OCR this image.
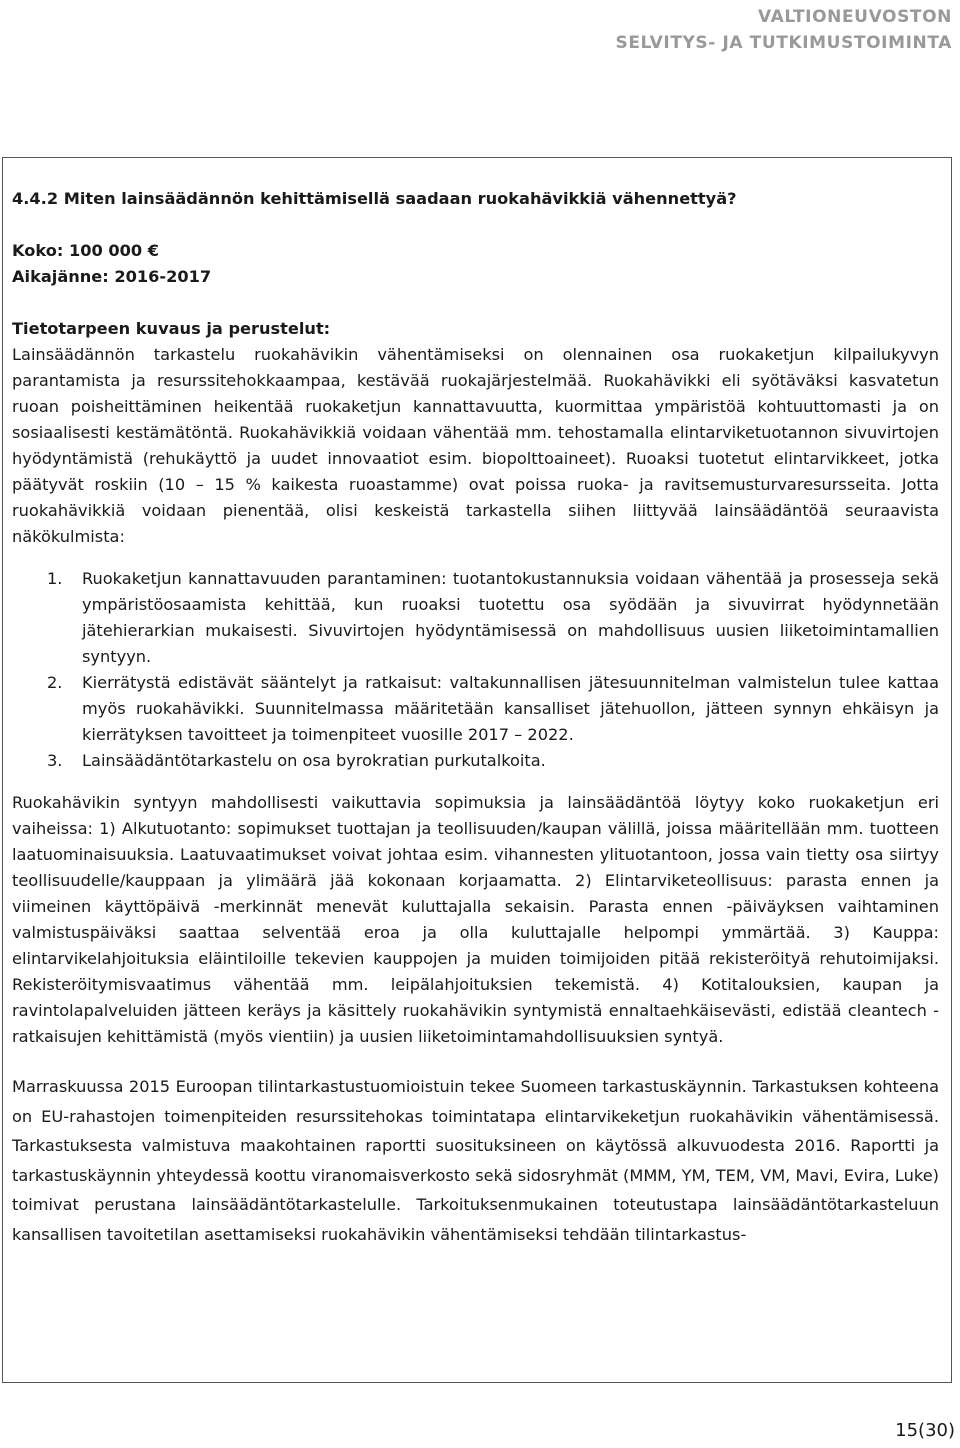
VALTIONEUVOSTON
SELVITYS- JA TUTKIMUSTOIMINTA
4.4.2 Miten lainsäädännön kehittämisellä saadaan ruokahävikkiä vähennettyä?
Koko: 100 000 €
Aikajänne: 2016-2017
Tietotarpeen kuvaus ja perustelut:

Lainsäädännön tarkastelu ruokahävikin vähentämiseksi on olennainen osa ruokaketjun kilpailukyvyn parantamista ja resurssitehokkaampaa, kestävää ruokajärjestelmää. Ruokahävikki eli syötäväksi kasvatetun ruoan poisheittäminen heikentää ruokaketjun kannattavuutta, kuormittaa ympäristöä kohtuuttomasti ja on sosiaalisesti kestämätöntä. Ruokahävikkiä voidaan vähentää mm. tehostamalla elintarviketuotannon sivuvirtojen hyödyntämistä (rehukäyttö ja uudet innovaatiot esim. biopolttoaineet). Ruoaksi tuotetut elintarvikkeet, jotka päätyvät roskiin (10 – 15 % kaikesta ruoastamme) ovat poissa ruoka- ja ravitsemusturvaresursseita. Jotta ruokahävikkiä voidaan pienentää, olisi keskeistä tarkastella siihen liittyvää lainsäädäntöä seuraavista näkökulmista:

1. Ruokaketjun kannattavuuden parantaminen: tuotantokustannuksia voidaan vähentää ja prosesseja sekä ympäristöosaamista kehittää, kun ruoaksi tuotettu osa syödään ja sivuvirrat hyödynnetään jätehierarkian mukaisesti. Sivuvirtojen hyödyntämisessä on mahdollisuus uusien liiketoimintamallien syntyyn.
2. Kierrätystä edistävät sääntelyt ja ratkaisut: valtakunnallisen jätesuunnitelman valmistelun tulee kattaa myös ruokahävikki. Suunnitelmassa määritetään kansalliset jätehuollon, jätteen synnyn ehkäisyn ja kierrätyksen tavoitteet ja toimenpiteet vuosille 2017 – 2022.
3. Lainsäädäntötarkastelu on osa byrokratian purkutalkoita.

Ruokahävikin syntyyn mahdollisesti vaikuttavia sopimuksia ja lainsäädäntöä löytyy koko ruokaketjun eri vaiheissa: 1) Alkutuotanto: sopimukset tuottajan ja teollisuuden/kaupan välillä, joissa määritellään mm. tuotteen laatuominaisuuksia. Laatuvaatimukset voivat johtaa esim. vihannesten ylituotantoon, jossa vain tietty osa siirtyy teollisuudelle/kauppaan ja ylimäärä jää kokonaan korjaamatta. 2) Elintarviketeollisuus: parasta ennen ja viimeinen käyttöpäivä -merkinnät menevät kuluttajalla sekaisin. Parasta ennen -päiväyksen vaihtaminen valmistuspäiväksi saattaa selventää eroa ja olla kuluttajalle helpompi ymmärtää. 3) Kauppa: elintarvikelahjoituksia eläintiloille tekevien kauppojen ja muiden toimijoiden pitää rekisteröityä rehutoimijaksi. Rekisteröitymisvaatimus vähentää mm. leipälahjoituksien tekemistä. 4) Kotitalouksien, kaupan ja ravintolapalveluiden jätteen keräys ja käsittely ruokahävikin syntymistä ennaltaehkäisevästi, edistää cleantech -ratkaisujen kehittämistä (myös vientiin) ja uusien liiketoimintamahdollisuuksien syntyä.

Marraskuussa 2015 Euroopan tilintarkastustuomioistuin tekee Suomeen tarkastuskäynnin. Tarkastuksen kohteena on EU-rahastojen toimenpiteiden resurssitehokas toimintatapa elintarvikeketjun ruokahävikin vähentämisessä. Tarkastuksesta valmistuva maakohtainen raportti suosituksineen on käytössä alkuvuodesta 2016. Raportti ja tarkastuskäynnin yhteydessä koottu viranomaisverkosto sekä sidosryhmät (MMM, YM, TEM, VM, Mavi, Evira, Luke) toimivat perustana lainsäädäntötarkastelulle. Tarkoituksenmukainen toteutustapa lainsäädäntötarkasteluun kansallisen tavoitetilan asettamiseksi ruokahävikin vähentämiseksi tehdään tilintarkastus-

15(30)
